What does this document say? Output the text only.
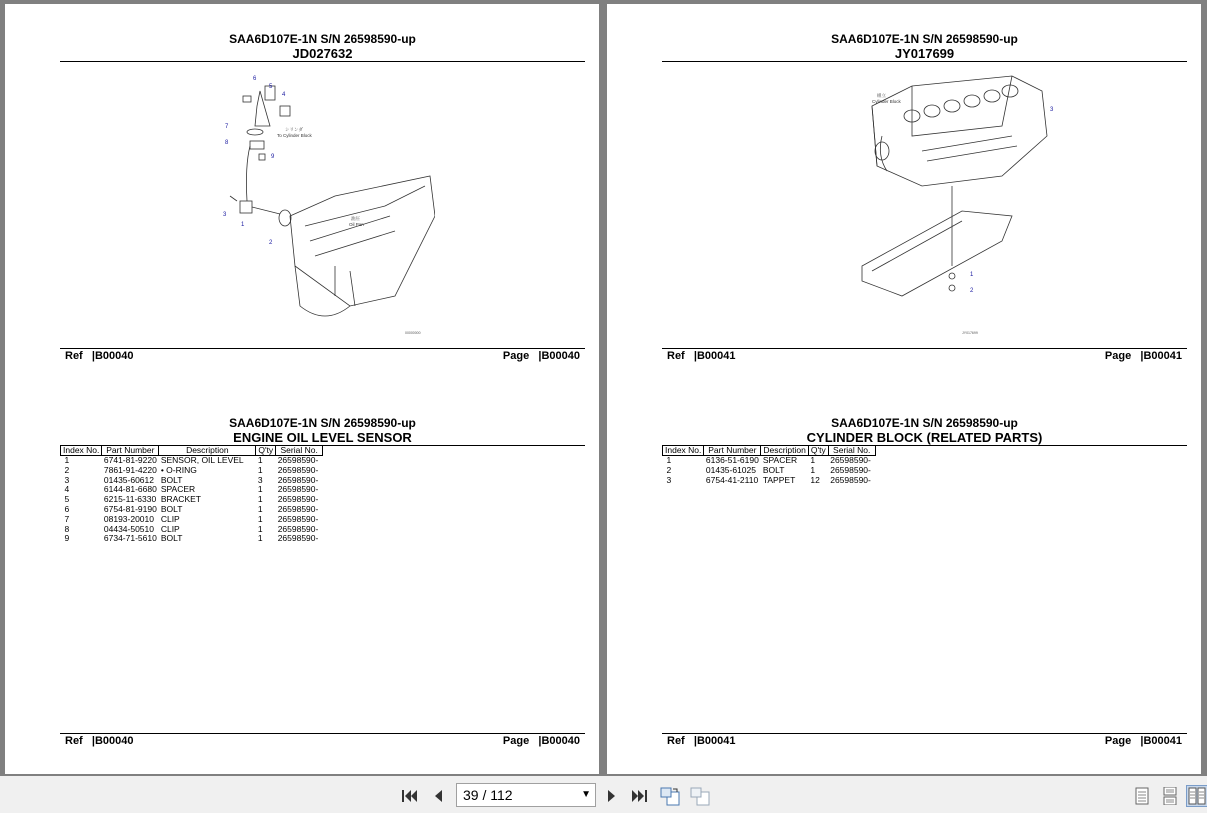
SAA6D107E-1N S/N 26598590-up
JD027632
6
5
4
7
8
9
3
1
2
シリンダ
To Cylinder Block
油圧
Oil Pan
00000000
Ref |B00040	Page |B00040
SAA6D107E-1N S/N 26598590-up
ENGINE OIL LEVEL SENSOR
Index No.	Part Number	Description	Q'ty	Serial No.
1	6741-81-9220	SENSOR, OIL LEVEL	1	26598590-
2	7861-91-4220	• O-RING	1	26598590-
3	01435-60612	BOLT	3	26598590-
4	6144-81-6680	SPACER	1	26598590-
5	6215-11-6330	BRACKET	1	26598590-
6	6754-81-9190	BOLT	1	26598590-
7	08193-20010	CLIP	1	26598590-
8	04434-50510	CLIP	1	26598590-
9	6734-71-5610	BOLT	1	26598590-
Ref |B00040	Page |B00040
SAA6D107E-1N S/N 26598590-up
JY017699
3
1
2
組立
Cylinder Block
JY017699
Ref |B00041	Page |B00041
SAA6D107E-1N S/N 26598590-up
CYLINDER BLOCK (RELATED PARTS)
Index No.	Part Number	Description	Q'ty	Serial No.
1	6136-51-6190	SPACER	1	26598590-
2	01435-61025	BOLT	1	26598590-
3	6754-41-2110	TAPPET	12	26598590-
Ref |B00041	Page |B00041
39 / 112	▼
